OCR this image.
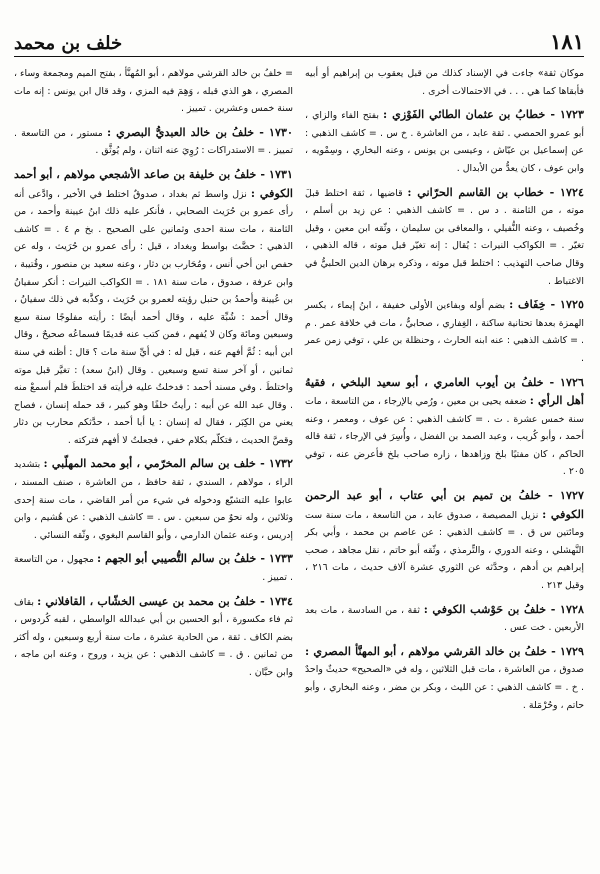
١٨١
خلف بن محمد

موكان ثقة» جاءت في الإسناد كذلك من قبل يعقوب بن إبراهيم أو أبيه فأبقاها كما هي . . . في الاحتمالات أخرى .

١٧٢٣ - خطابُ بن عثمان الطائي الفَوْزي : بفتح الفاء والزاي ، أبو عمرو الحمصي . ثقة عابد ، من العاشرة . خ س . = كاشف الذهبي : عن إسماعيل بن عيّاش ، وعيسى بن يونس ، وعنه البخاري ، وسِمْويه ، وابن عوف ، كان يعدُّ من الأبدال .

١٧٢٤ - خطاب بن القاسم الحرّاني : قاضيها ، ثقة اختلط قبلَ موته ، من الثامنة . د س . = كاشف الذهبي : عن زيد بن أسلم ، وخُصيف ، وعنه النُّفيلي ، والمعافى بن سليمان ، وثّقه ابن معين ، وقيل تغيّر . = الكواكب النيرات : يُقال : إنه تغيّر قبل موته ، قاله الذهبي ، وقال صاحب التهذيب : اختلط قبل موته ، وذكره برهان الدين الحلبيُّ في الاغتباط .

١٧٢٥ - خِفَاف : بضم أوله وبفاءين الأولى خفيفة ، ابنُ إيماء ، بكسر الهمزة بعدها تحتانية ساكنة ، الغِفاري ، صحابيٌّ ، مات في خلافة عمر . م . = كاشف الذهبي : عنه ابنه الحارث ، وحنظلة بن علي ، توفي زمن عمر .

١٧٢٦ - خلفُ بن أيوب العامري ، أبو سعيد البلخي ، فقيهُ أهل الرأي : ضعفه يحيى بن معين ، ورُمي بالإرجاء ، من التاسعة ، مات سنة خمس عشرة . ت . = كاشف الذهبي : عن عوف ، ومعمر ، وعنه أحمد ، وأبو كُريب ، وعبد الصمد بن الفضل ، وأُسِرَ في الإرجاء ، ثقة قاله الحاكم ، كان مفتيًا بلخ وزاهدها ، زاره صاحب بلخ فأعرض عنه ، توفي ٢٠٥ .

١٧٢٧ - خلفُ بن تميم بن أبي عتاب ، أبو عبد الرحمن الكوفي : نزيل المصيصة ، صدوق عابد ، من التاسعة ، مات سنة ست ومائتين س ق . = كاشف الذهبي : عن عاصم بن محمد ، وأبي بكر النَّهشلي ، وعنه الدوري ، والتِّرمذي ، وثّقه أبو حاتم ، نقل مجاهد ، صحب إبراهيم بن أدهم ، وحدَّثه عن الثوري عشرة آلاف حديث ، مات ٢١٦ ، وقيل ٢١٣ .

١٧٢٨ - خلفُ بن حَوْشب الكوفي : ثقة ، من السادسة ، مات بعد الأربعين . خت عس .

١٧٢٩ - خلفُ بن خالد القرشي مولاهم ، أبو المهنَّأ المصري : صدوق ، من العاشرة ، مات قبل الثلاثين ، وله في «الصحيح» حديثٌ واحدٌ . خ . = كاشف الذهبي : عن الليث ، وبكر بن مضر ، وعنه البخاري ، وأبو حاتم ، وحُرْمَلة .

= خلفُ بن خالد القرشي مولاهم ، أبو المُهنَّأ ، بفتح الميم ومجمعة وساء ، المصري ، هو الذي قبله ، وَهِمَ فيه المزي ، وقد قال ابن يونس : إنه مات سنة خمس وعشرين . تمييز .

١٧٣٠ - خلفُ بن خالد العبديُّ البصري : مستور ، من التاسعة . تمييز . = الاستدراكات : رُوِيَ عنه اثنان ، ولم يُوثَّق .

١٧٣١ - خلفُ بن خليفة بن صاعد الأشجعي مولاهم ، أبو أحمد الكوفي : نزل واسط ثم بغداد ، صدوقٌ اختلط في الأخير ، وادَّعى أنه رأى عمرو بن حُرَيث الصحابي ، فأنكر عليه ذلك ابنُ عيينة وأحمد ، من الثامنة ، مات سنة احدى وثمانين على الصحيح . بخ م ٤ . = كاشف الذهبي : حضَّث بواسط وبغداد ، قيل : رأى عمرو بن حُرَيث ، وله عن حفص ابن أخي أنس ، ومُحَارب بن دثار ، وعنه سعيد بن منصور ، وقُتيبة ، وابن عرفة ، صدوق ، مات سنة ١٨١ . = الكواكب النيرات : أنكر سفيانُ بن عُيينة وأحمدُ بن حنبل رؤيته لعمرو بن حُرَيث ، وكذَّبه في ذلك سفيانُ ، وقال أحمد : شُبِّهَ عليه ، وقال أحمد أيضًا : رأيته مفلوجًا سنة سبع وسبعين ومائة وكان لا يُفهم ، فمن كتب عنه قديمًا فسماعُه صحيحٌ ، وقال ابن أبيه : ثُمَّ أفهم عنه ، قيل له : في أيِّ سنة مات ؟ قال : أظنه في سنة ثمانين ، أو آخر سنة تسع وسبعين . وقال (ابنُ سعد) : تغيَّر قبل موته واختلطَ . وفي مسند أحمد : فدخلتُ عليه فرأيته قد اختلطَ فلم أسمعْ منه . وقال عبد الله عن أبيه : رأيتُ خلفًا وهو كبير ، قد حمله إنسان ، فصاح يعني من الكِبَر ، فقال له إنسان : يا أبا أحمد ، حدَّثكم محارب بن دثار وقصَّ الحديث ، فتكلّم بكلام خفي ، فجعلتُ لا أفهم فتركته .

١٧٣٢ - خلف بن سالم المخرّمي ، أبو محمد المهلّبي : بتشديد الراء ، مولاهم ، السندي ، ثقة حافظ ، من العاشرة ، صنف المسند ، عابوا عليه التشيّع ودخوله في شيء من أمر القاضي ، مات سنة إحدى وثلاثين ، وله نحوٌ من سبعين . س . = كاشف الذهبي : عن هُشيم ، وابن إدريس ، وعنه عثمان الدارمي ، وأبو القاسم البغوي ، وثّقه النسائي .

١٧٣٣ - خلفُ بن سالم التُّصيبي أبو الجهم : مجهول ، من التاسعة . تمييز .

١٧٣٤ - خلفُ بن محمد بن عيسى الخشّاب ، القافلاني : بقاف ثم فاء مكسورة ، أبو الحسين بن أبي عبدالله الواسطي ، لقبه كُردوس ، بضم الكاف . ثقة ، من الحادية عشرة ، مات سنة أربع وسبعين ، وله أكثر من ثمانين . ق . = كاشف الذهبي : عن يزيد ، وروح ، وعنه ابن ماجه ، وابن حبَّان .
